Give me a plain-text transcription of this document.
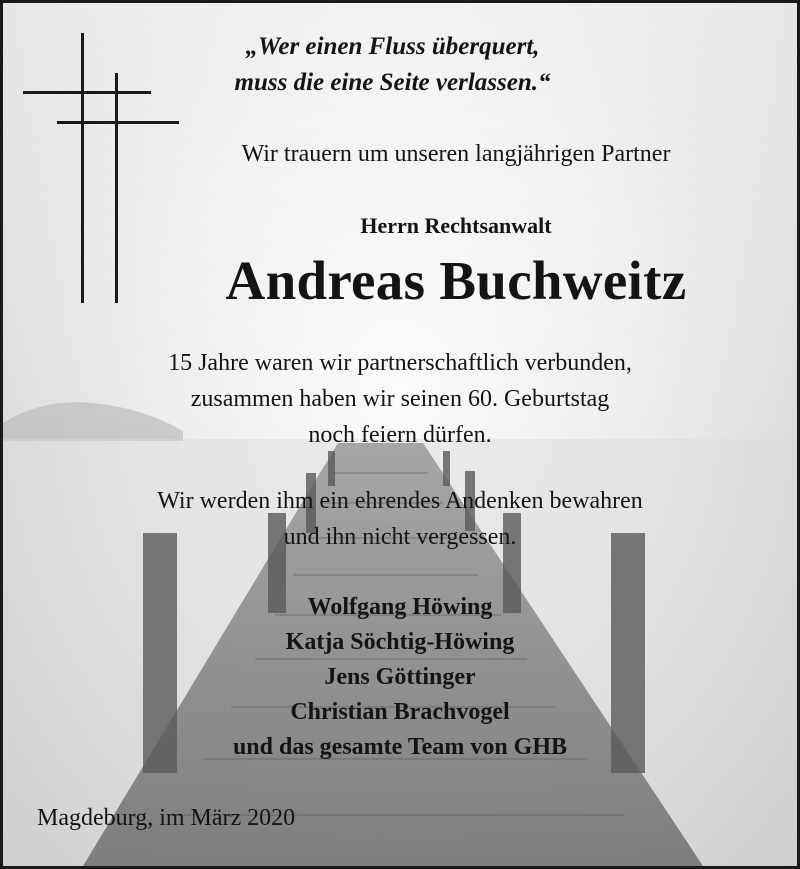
„Wer einen Fluss überquert,
muss die eine Seite verlassen.“
Wir trauern um unseren langjährigen Partner
Herrn Rechtsanwalt
Andreas Buchweitz
15 Jahre waren wir partnerschaftlich verbunden,
zusammen haben wir seinen 60. Geburtstag
noch feiern dürfen.
Wir werden ihm ein ehrendes Andenken bewahren
und ihn nicht vergessen.
Wolfgang Höwing
Katja Söchtig-Höwing
Jens Göttinger
Christian Brachvogel
und das gesamte Team von GHB
Magdeburg, im März 2020
